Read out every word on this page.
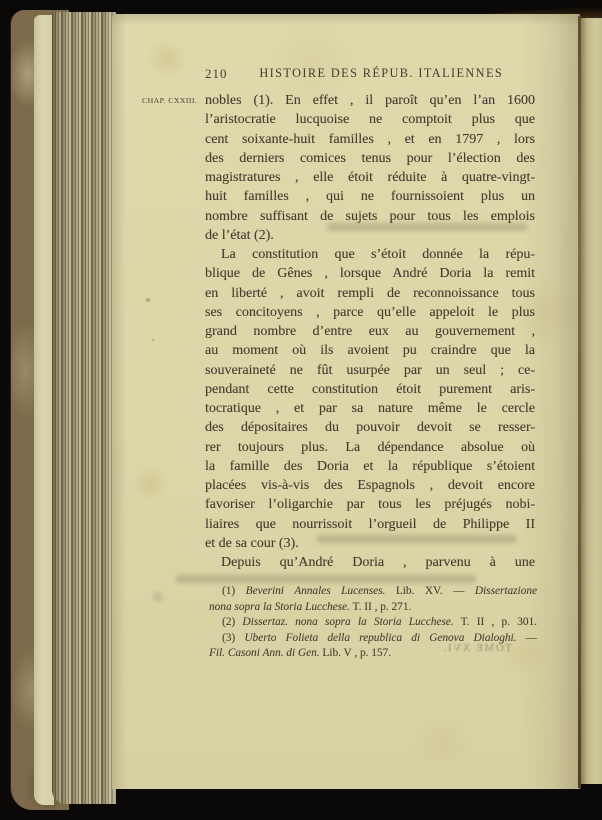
210	HISTOIRE DES RÉPUB. ITALIENNES
CHAP. CXXIII. nobles (1). En effet , il paroît qu’en l’an 1600
l’aristocratie lucquoise ne comptoit plus que
cent soixante-huit familles , et en 1797 , lors
des derniers comices tenus pour l’élection des
magistratures , elle étoit réduite à quatre-vingt-
huit familles , qui ne fournissoient plus un
nombre suffisant de sujets pour tous les emplois
de l’état (2).
La constitution que s’étoit donnée la répu-
blique de Gênes , lorsque André Doria la remit
en liberté , avoit rempli de reconnoissance tous
ses concitoyens , parce qu’elle appeloit le plus
grand nombre d’entre eux au gouvernement ,
au moment où ils avoient pu craindre que la
souveraineté ne fût usurpée par un seul ; ce-
pendant cette constitution étoit purement aris-
tocratique , et par sa nature même le cercle
des dépositaires du pouvoir devoit se resser-
rer toujours plus. La dépendance absolue où
la famille des Doria et la république s’étoient
placées vis-à-vis des Espagnols , devoit encore
favoriser l’oligarchie par tous les préjugés nobi-
liaires que nourrissoit l’orgueil de Philippe II
et de sa cour (3).
Depuis qu’André Doria , parvenu à une
(1) Beverini Annales Lucenses. Lib. XV. — Dissertazione
nona sopra la Storia Lucchese. T. II , p. 271.
(2) Dissertaz. nona sopra la Storia Lucchese. T. II , p. 301.
(3) Uberto Folieta della republica di Genova Dialoghi. —
Fil. Casoni Ann. di Gen. Lib. V , p. 157.	TOME XVI.
